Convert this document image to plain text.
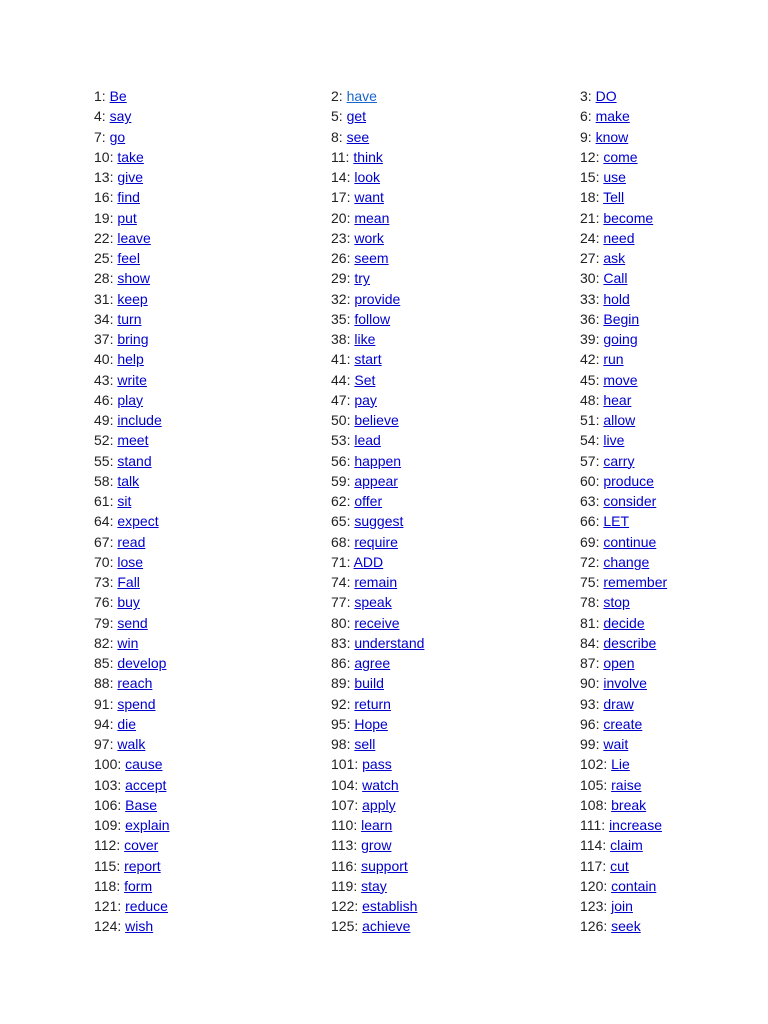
1: Be	2: have	3: DO
4: say	5: get	6: make
7: go	8: see	9: know
10: take	11: think	12: come
13: give	14: look	15: use
16: find	17: want	18: Tell
19: put	20: mean	21: become
22: leave	23: work	24: need
25: feel	26: seem	27: ask
28: show	29: try	30: Call
31: keep	32: provide	33: hold
34: turn	35: follow	36: Begin
37: bring	38: like	39: going
40: help	41: start	42: run
43: write	44: Set	45: move
46: play	47: pay	48: hear
49: include	50: believe	51: allow
52: meet	53: lead	54: live
55: stand	56: happen	57: carry
58: talk	59: appear	60: produce
61: sit	62: offer	63: consider
64: expect	65: suggest	66: LET
67: read	68: require	69: continue
70: lose	71: ADD	72: change
73: Fall	74: remain	75: remember
76: buy	77: speak	78: stop
79: send	80: receive	81: decide
82: win	83: understand	84: describe
85: develop	86: agree	87: open
88: reach	89: build	90: involve
91: spend	92: return	93: draw
94: die	95: Hope	96: create
97: walk	98: sell	99: wait
100: cause	101: pass	102: Lie
103: accept	104: watch	105: raise
106: Base	107: apply	108: break
109: explain	110: learn	111: increase
112: cover	113: grow	114: claim
115: report	116: support	117: cut
118: form	119: stay	120: contain
121: reduce	122: establish	123: join
124: wish	125: achieve	126: seek
